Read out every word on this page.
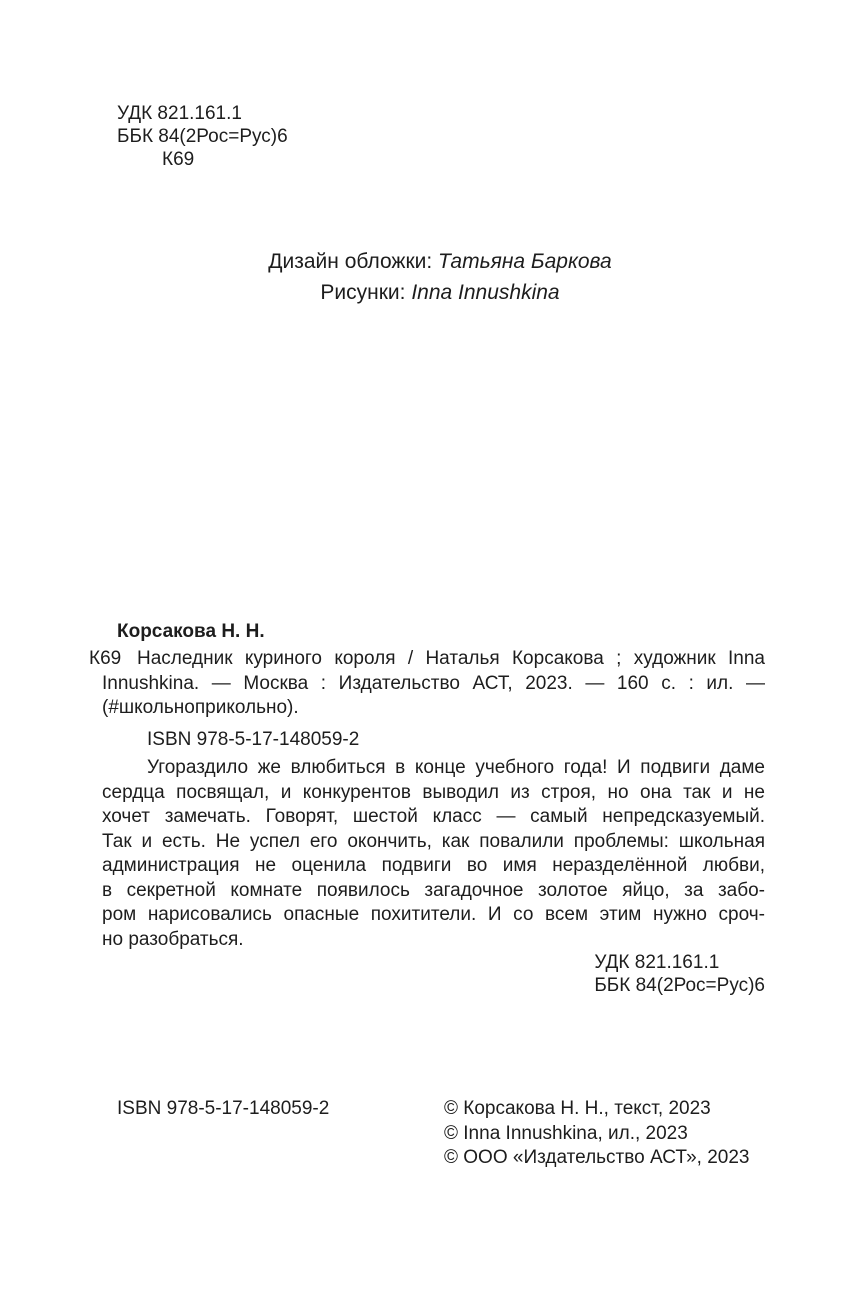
УДК 821.161.1
ББК 84(2Рос=Рус)6
К69
Дизайн обложки: Татьяна Баркова
Рисунки: Inna Innushkina
Корсакова Н. Н.
К69 Наследник куриного короля / Наталья Корсакова ; художник Inna
Innushkina. — Москва : Издательство АСТ, 2023. — 160 с. : ил. —
(#школьноприкольно).
ISBN 978-5-17-148059-2
Угораздило же влюбиться в конце учебного года! И подвиги даме
сердца посвящал, и конкурентов выводил из строя, но она так и не
хочет замечать. Говорят, шестой класс — самый непредсказуемый.
Так и есть. Не успел его окончить, как повалили проблемы: школьная
администрация не оценила подвиги во имя неразделённой любви,
в секретной комнате появилось загадочное золотое яйцо, за забо-
ром нарисовались опасные похитители. И со всем этим нужно сроч-
но разобраться.
УДК 821.161.1
ББК 84(2Рос=Рус)6
ISBN 978-5-17-148059-2	© Корсакова Н. Н., текст, 2023
© Inna Innushkina, ил., 2023
© ООО «Издательство АСТ», 2023
